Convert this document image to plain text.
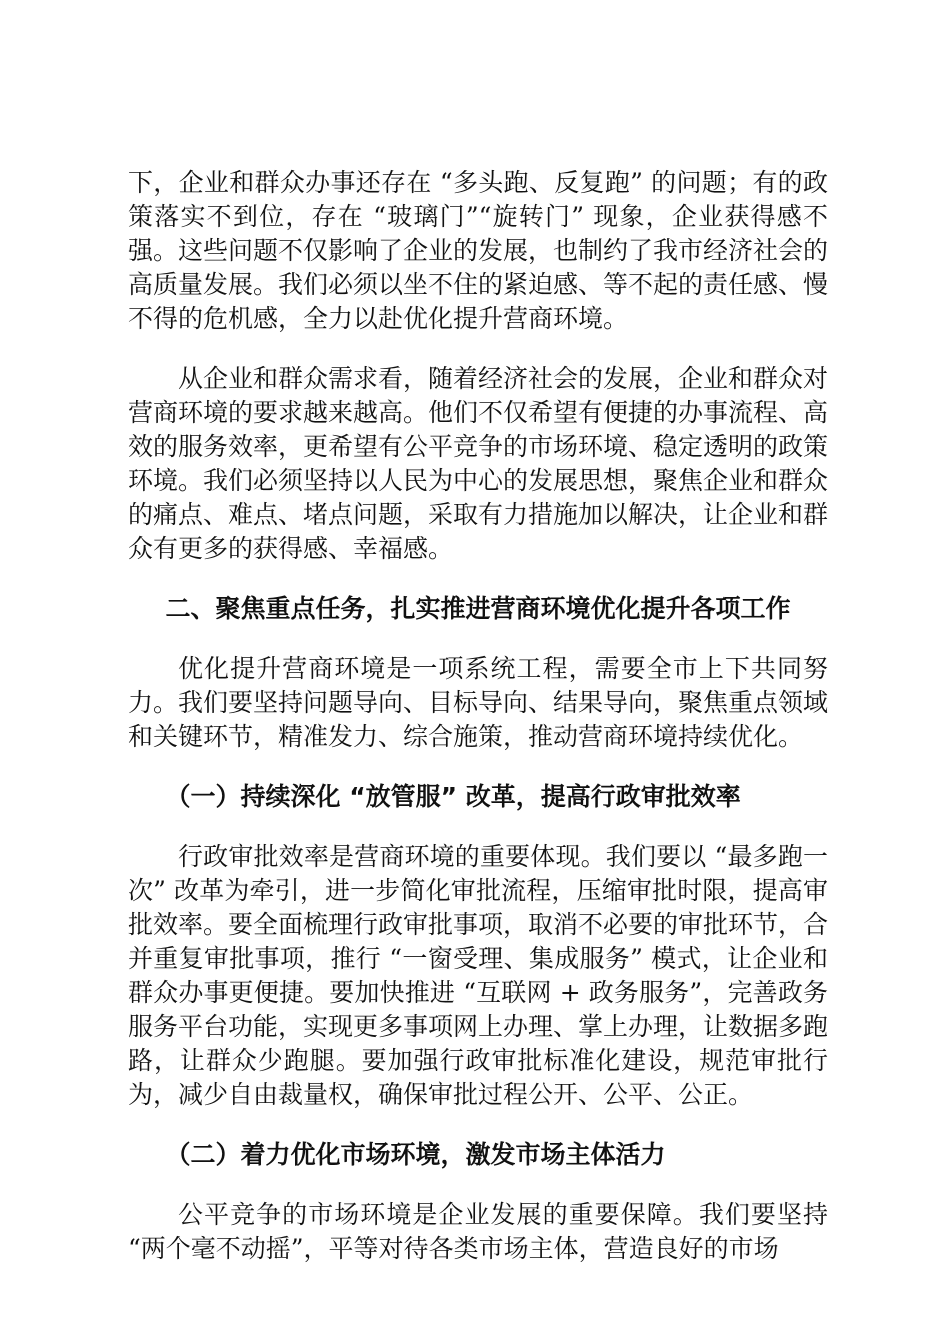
下，企业和群众办事还存在 “多头跑、反复跑” 的问题；有的政策落实不到位，存在 “玻璃门”“旋转门” 现象，企业获得感不强。这些问题不仅影响了企业的发展，也制约了我市经济社会的高质量发展。我们必须以坐不住的紧迫感、等不起的责任感、慢不得的危机感，全力以赴优化提升营商环境。

从企业和群众需求看，随着经济社会的发展，企业和群众对营商环境的要求越来越高。他们不仅希望有便捷的办事流程、高效的服务效率，更希望有公平竞争的市场环境、稳定透明的政策环境。我们必须坚持以人民为中心的发展思想，聚焦企业和群众的痛点、难点、堵点问题，采取有力措施加以解决，让企业和群众有更多的获得感、幸福感。

二、聚焦重点任务，扎实推进营商环境优化提升各项工作

优化提升营商环境是一项系统工程，需要全市上下共同努力。我们要坚持问题导向、目标导向、结果导向，聚焦重点领域和关键环节，精准发力、综合施策，推动营商环境持续优化。

（一）持续深化 “放管服” 改革，提高行政审批效率

行政审批效率是营商环境的重要体现。我们要以 “最多跑一次” 改革为牵引，进一步简化审批流程，压缩审批时限，提高审批效率。要全面梳理行政审批事项，取消不必要的审批环节，合并重复审批事项，推行 “一窗受理、集成服务” 模式，让企业和群众办事更便捷。要加快推进 “互联网 + 政务服务”，完善政务服务平台功能，实现更多事项网上办理、掌上办理，让数据多跑路，让群众少跑腿。要加强行政审批标准化建设，规范审批行为，减少自由裁量权，确保审批过程公开、公平、公正。

（二）着力优化市场环境，激发市场主体活力

公平竞争的市场环境是企业发展的重要保障。我们要坚持 “两个毫不动摇”，平等对待各类市场主体，营造良好的市场
